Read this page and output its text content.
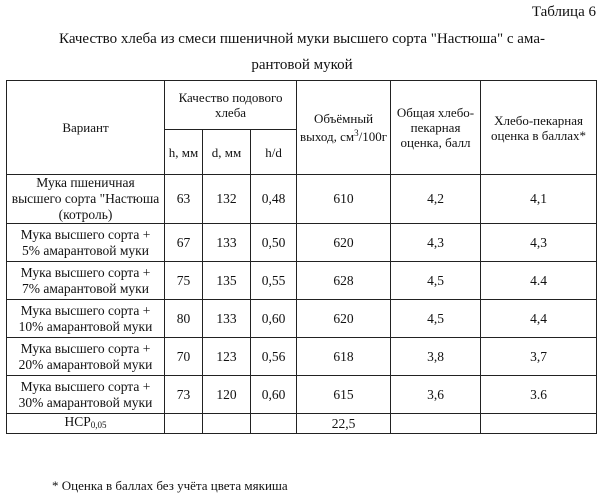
Таблица 6
Качество хлеба из смеси пшеничной муки высшего сорта "Настюша" с ама-
рантовой мукой
Вариант	Качество подового хлеба			Объёмный выход, $см^3/100г$	Общая хлебо-пекарная оценка, балл	Хлебо-пекарная оценка в баллах*
	h, мм	d, мм	h/d			
Мука пшеничная высшего сорта "Настюша (котроль)	63	132	0,48	610	4,2	4,1
Мука высшего сорта + 5% амарантовой муки	67	133	0,50	620	4,3	4,3
Мука высшего сорта + 7% амарантовой муки	75	135	0,55	628	4,5	4.4
Мука высшего сорта + 10% амарантовой муки	80	133	0,60	620	4,5	4,4
Мука высшего сорта + 20% амарантовой муки	70	123	0,56	618	3,8	3,7
Мука высшего сорта + 30% амарантовой муки	73	120	0,60	615	3,6	3.6
$НСР_{0,05}$				22,5		
* Оценка в баллах без учёта цвета мякиша
